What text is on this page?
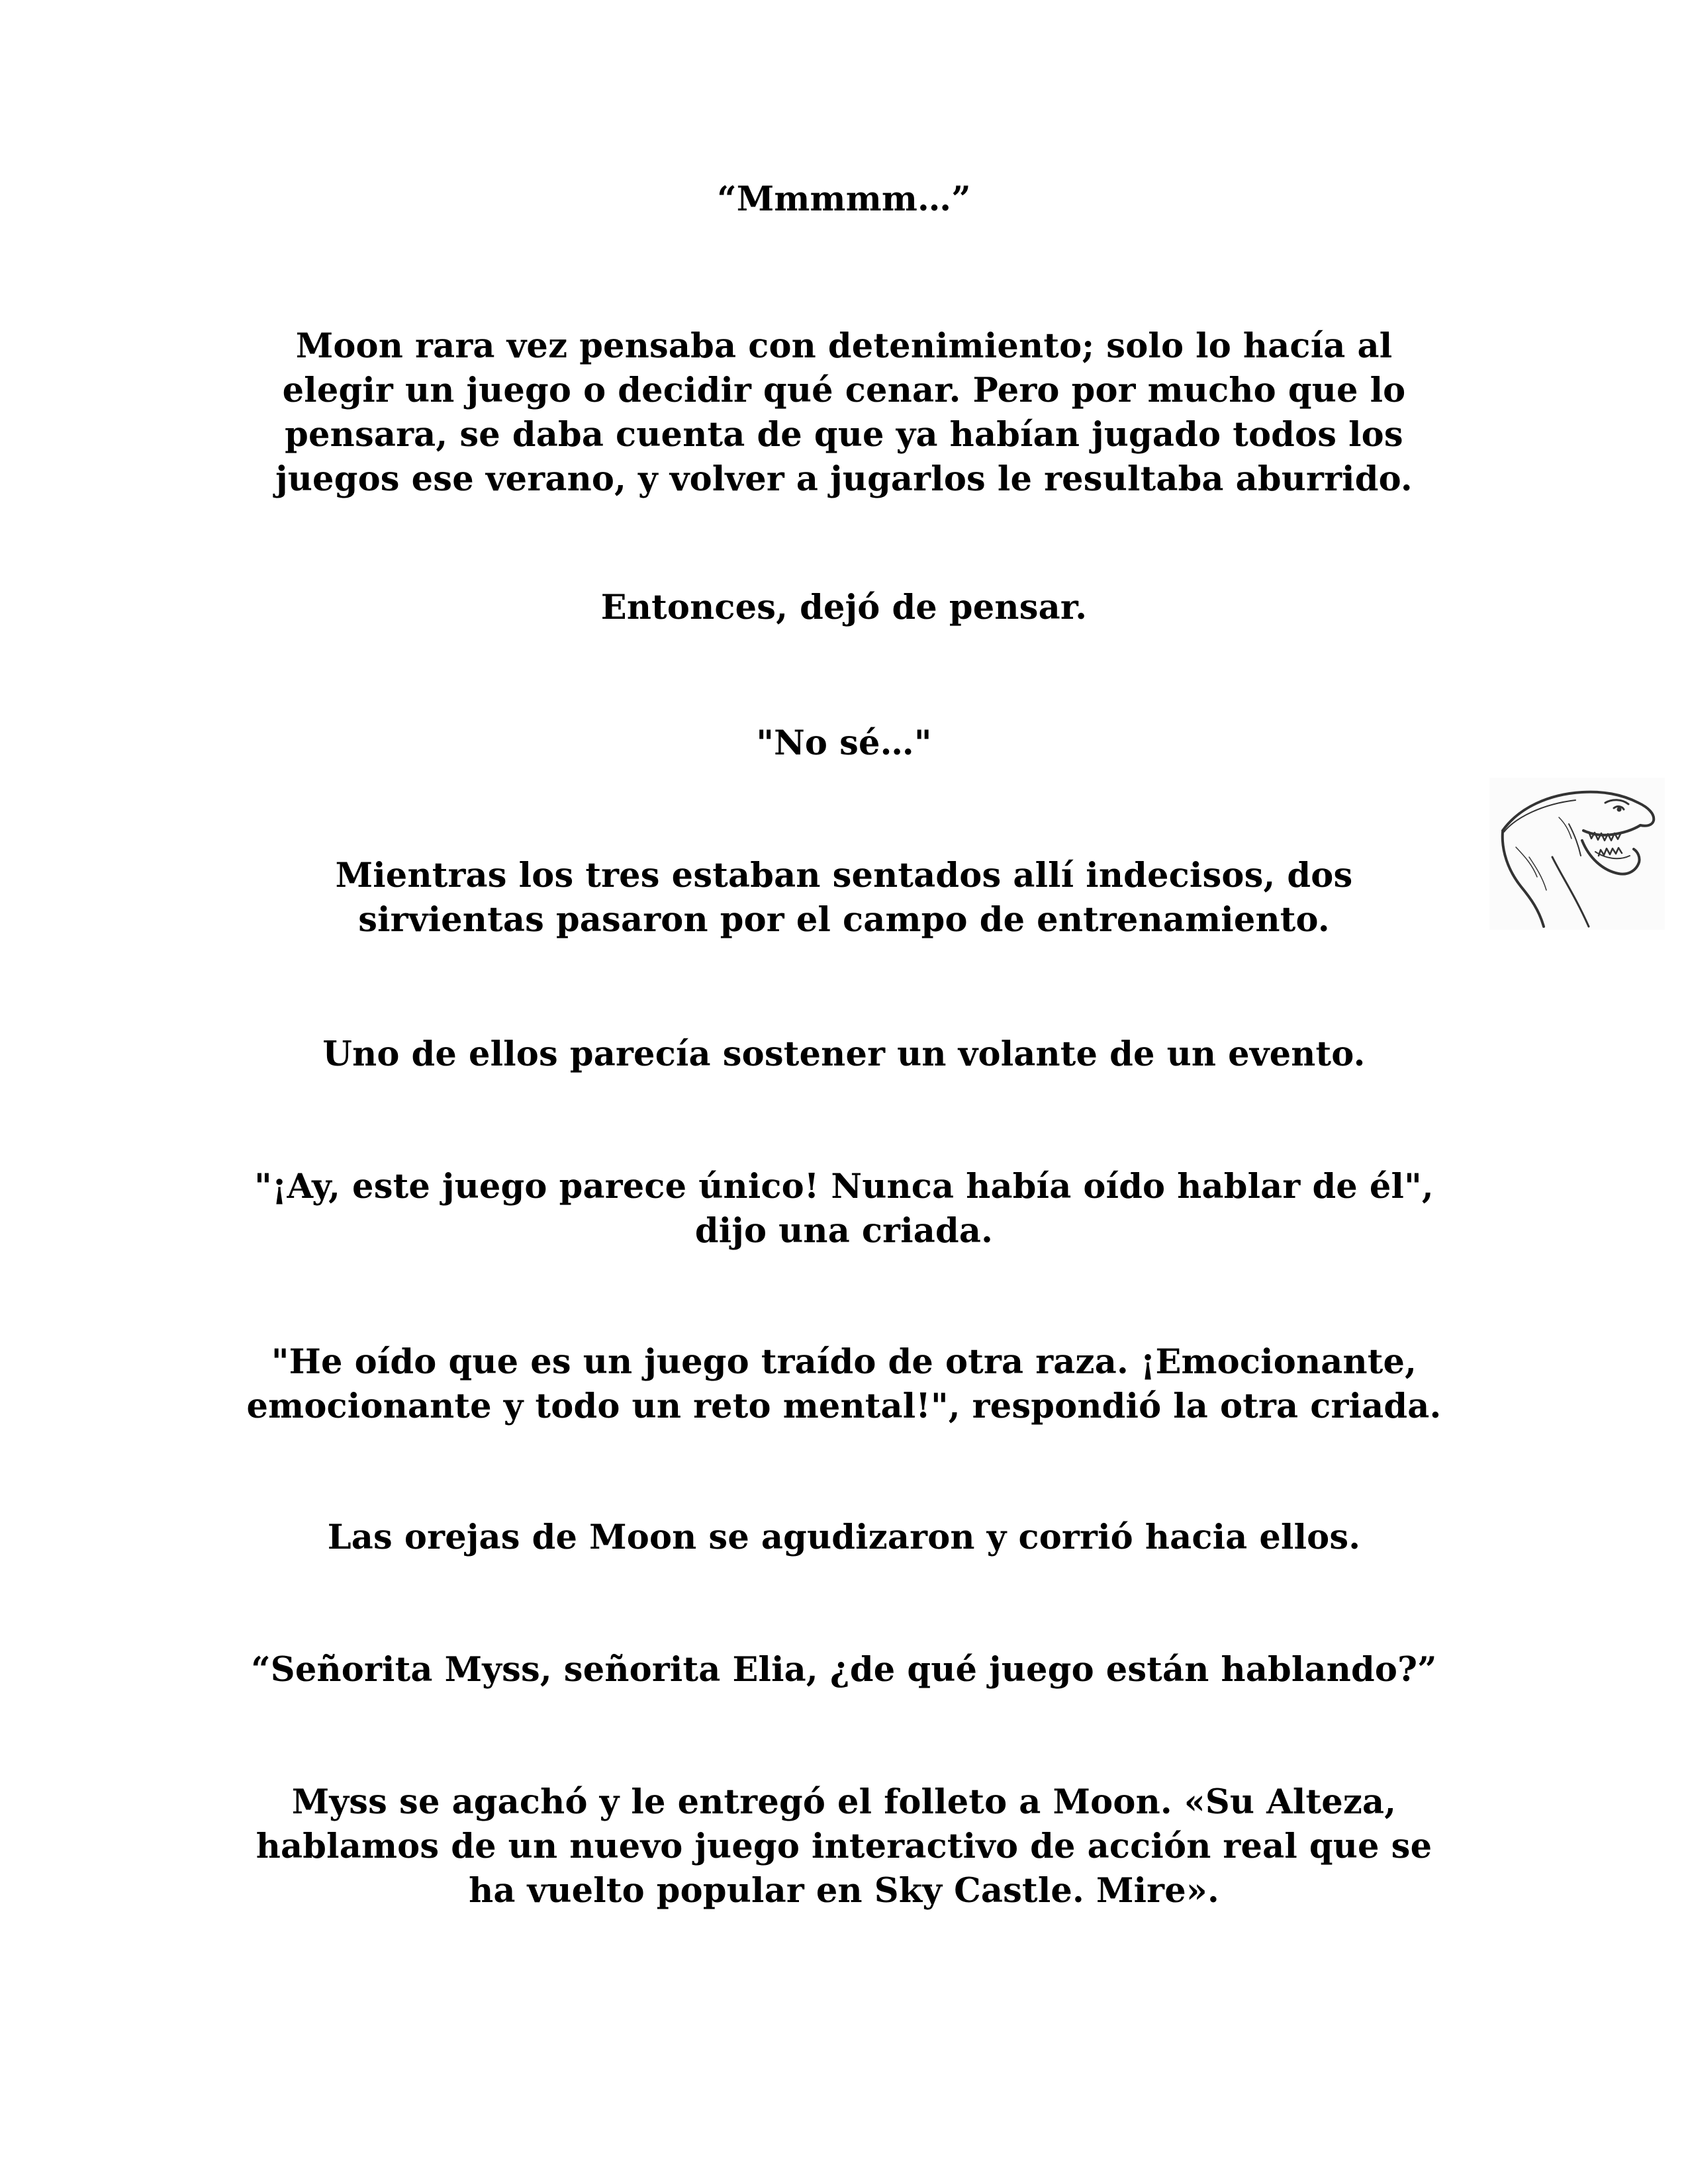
“Mmmmm…”

Moon rara vez pensaba con detenimiento; solo lo hacía al
elegir un juego o decidir qué cenar. Pero por mucho que lo
pensara, se daba cuenta de que ya habían jugado todos los
juegos ese verano, y volver a jugarlos le resultaba aburrido.

Entonces, dejó de pensar.

"No sé…"

Mientras los tres estaban sentados allí indecisos, dos
sirvientas pasaron por el campo de entrenamiento.

Uno de ellos parecía sostener un volante de un evento.

"¡Ay, este juego parece único! Nunca había oído hablar de él",
dijo una criada.

"He oído que es un juego traído de otra raza. ¡Emocionante,
emocionante y todo un reto mental!", respondió la otra criada.

Las orejas de Moon se agudizaron y corrió hacia ellos.

“Señorita Myss, señorita Elia, ¿de qué juego están hablando?”

Myss se agachó y le entregó el folleto a Moon. «Su Alteza,
hablamos de un nuevo juego interactivo de acción real que se
ha vuelto popular en Sky Castle. Mire».
